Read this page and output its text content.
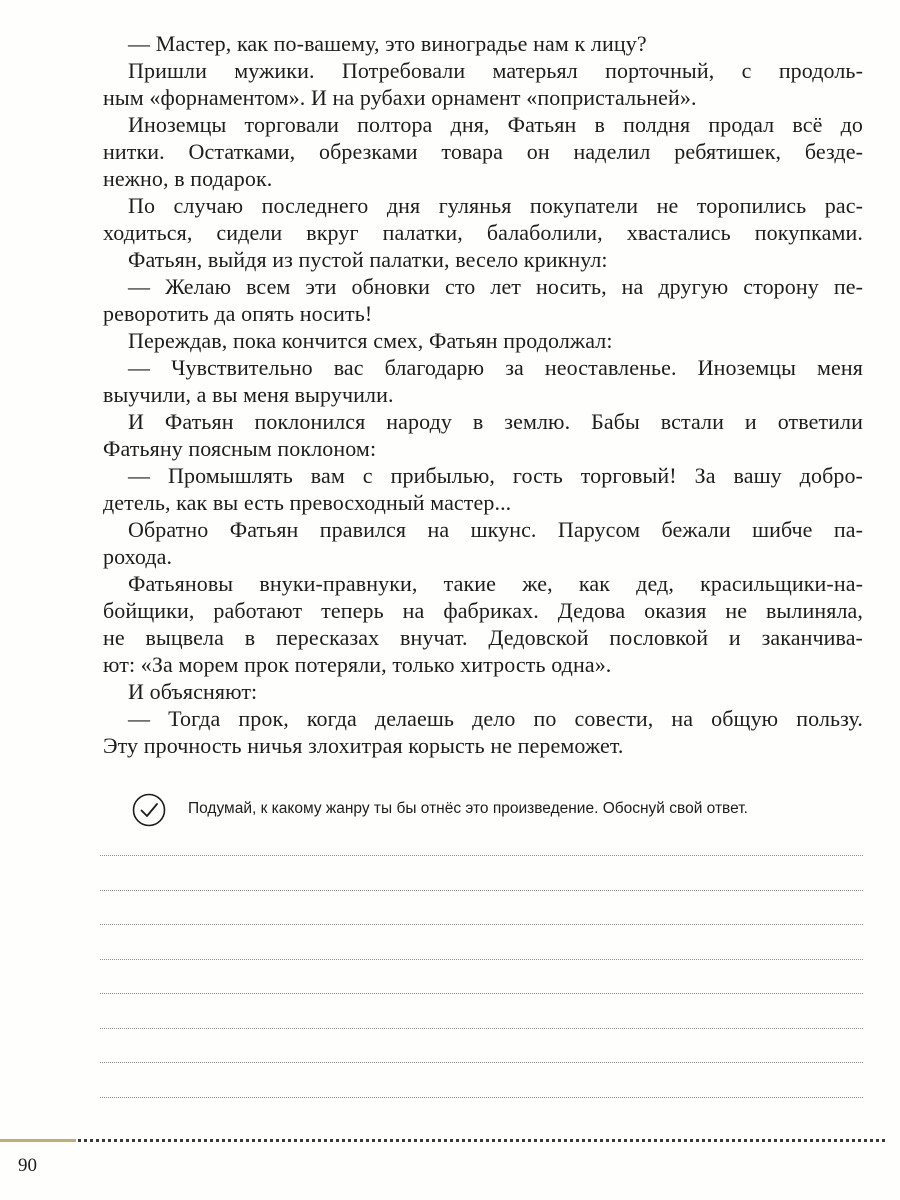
— Мастер, как по-вашему, это виноградье нам к лицу?
Пришли мужики. Потребовали матерьял порточный, с продоль-
ным «форнаментом». И на рубахи орнамент «попристальней».
Иноземцы торговали полтора дня, Фатьян в полдня продал всё до
нитки. Остатками, обрезками товара он наделил ребятишек, безде-
нежно, в подарок.
По случаю последнего дня гулянья покупатели не торопились рас-
ходиться, сидели вкруг палатки, балаболили, хвастались покупками.
Фатьян, выйдя из пустой палатки, весело крикнул:
— Желаю всем эти обновки сто лет носить, на другую сторону пе-
реворотить да опять носить!
Переждав, пока кончится смех, Фатьян продолжал:
— Чувствительно вас благодарю за неоставленье. Иноземцы меня
выучили, а вы меня выручили.
И Фатьян поклонился народу в землю. Бабы встали и ответили
Фатьяну поясным поклоном:
— Промышлять вам с прибылью, гость торговый! За вашу добро-
детель, как вы есть превосходный мастер...
Обратно Фатьян правился на шкунс. Парусом бежали шибче па-
рохода.
Фатьяновы внуки-правнуки, такие же, как дед, красильщики-на-
бойщики, работают теперь на фабриках. Дедова оказия не вылиняла,
не выцвела в пересказах внучат. Дедовской пословкой и заканчива-
ют: «За морем прок потеряли, только хитрость одна».
И объясняют:
— Тогда прок, когда делаешь дело по совести, на общую пользу.
Эту прочность ничья злохитрая корысть не переможет.
Подумай, к какому жанру ты бы отнёс это произведение. Обоснуй свой ответ.
90
